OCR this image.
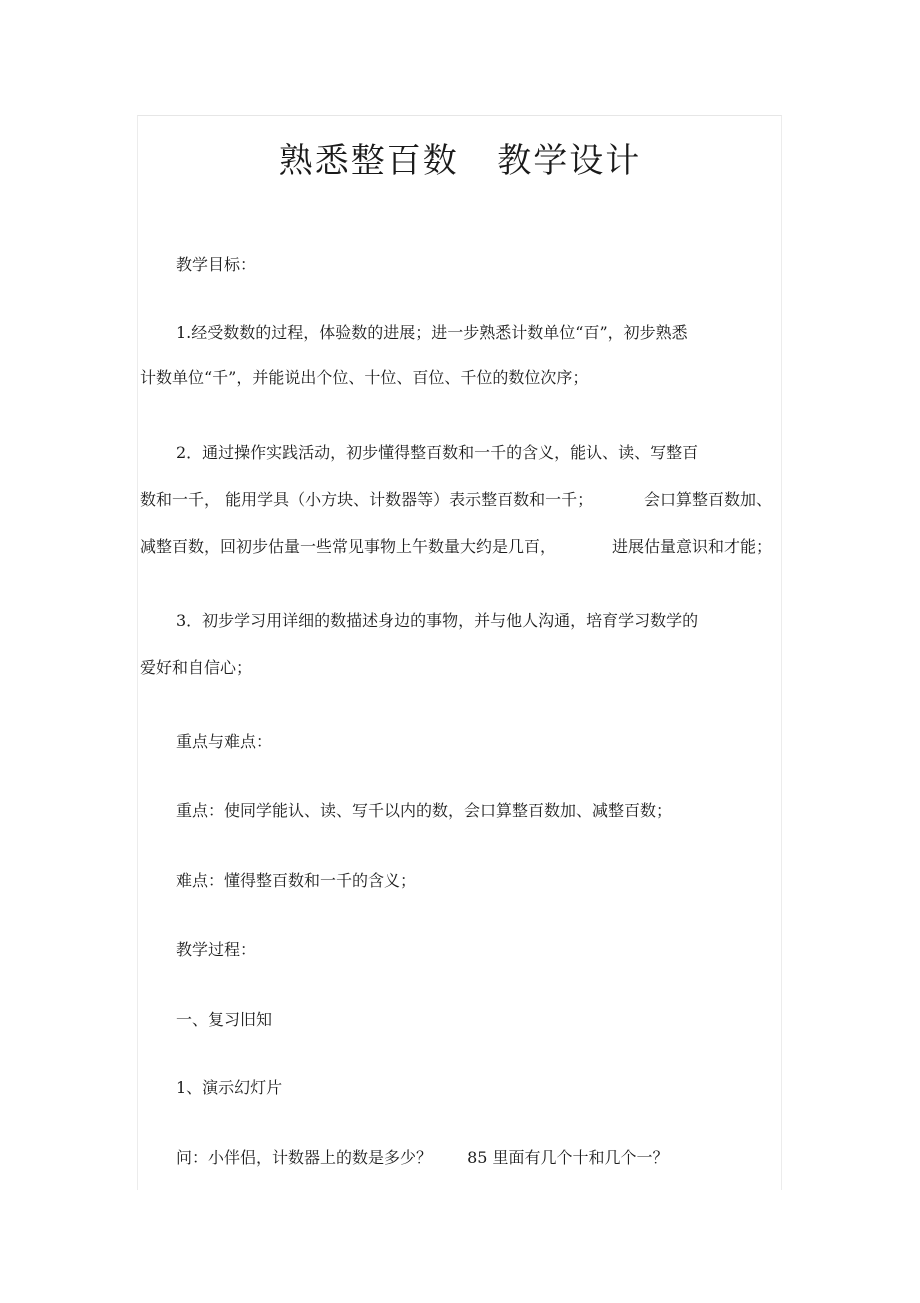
熟悉整百数   教学设计

教学目标：

1.经受数数的过程，体验数的进展；进一步熟悉计数单位“百”，初步熟悉

计数单位“千”，并能说出个位、十位、百位、千位的数位次序；

2．通过操作实践活动，初步懂得整百数和一千的含义，能认、读、写整百

数和一千， 能用学具（小方块、计数器等）表示整百数和一千；	会口算整百数加、
减整百数，回初步估量一些常见事物上午数量大约是几百，	进展估量意识和才能；

3．初步学习用详细的数描述身边的事物，并与他人沟通，培育学习数学的

爱好和自信心；

重点与难点：

重点：使同学能认、读、写千以内的数，会口算整百数加、减整百数；

难点：懂得整百数和一千的含义；

教学过程：

一、复习旧知

1、演示幻灯片

问：小伴侣，计数器上的数是多少？ 85 里面有几个十和几个一？
